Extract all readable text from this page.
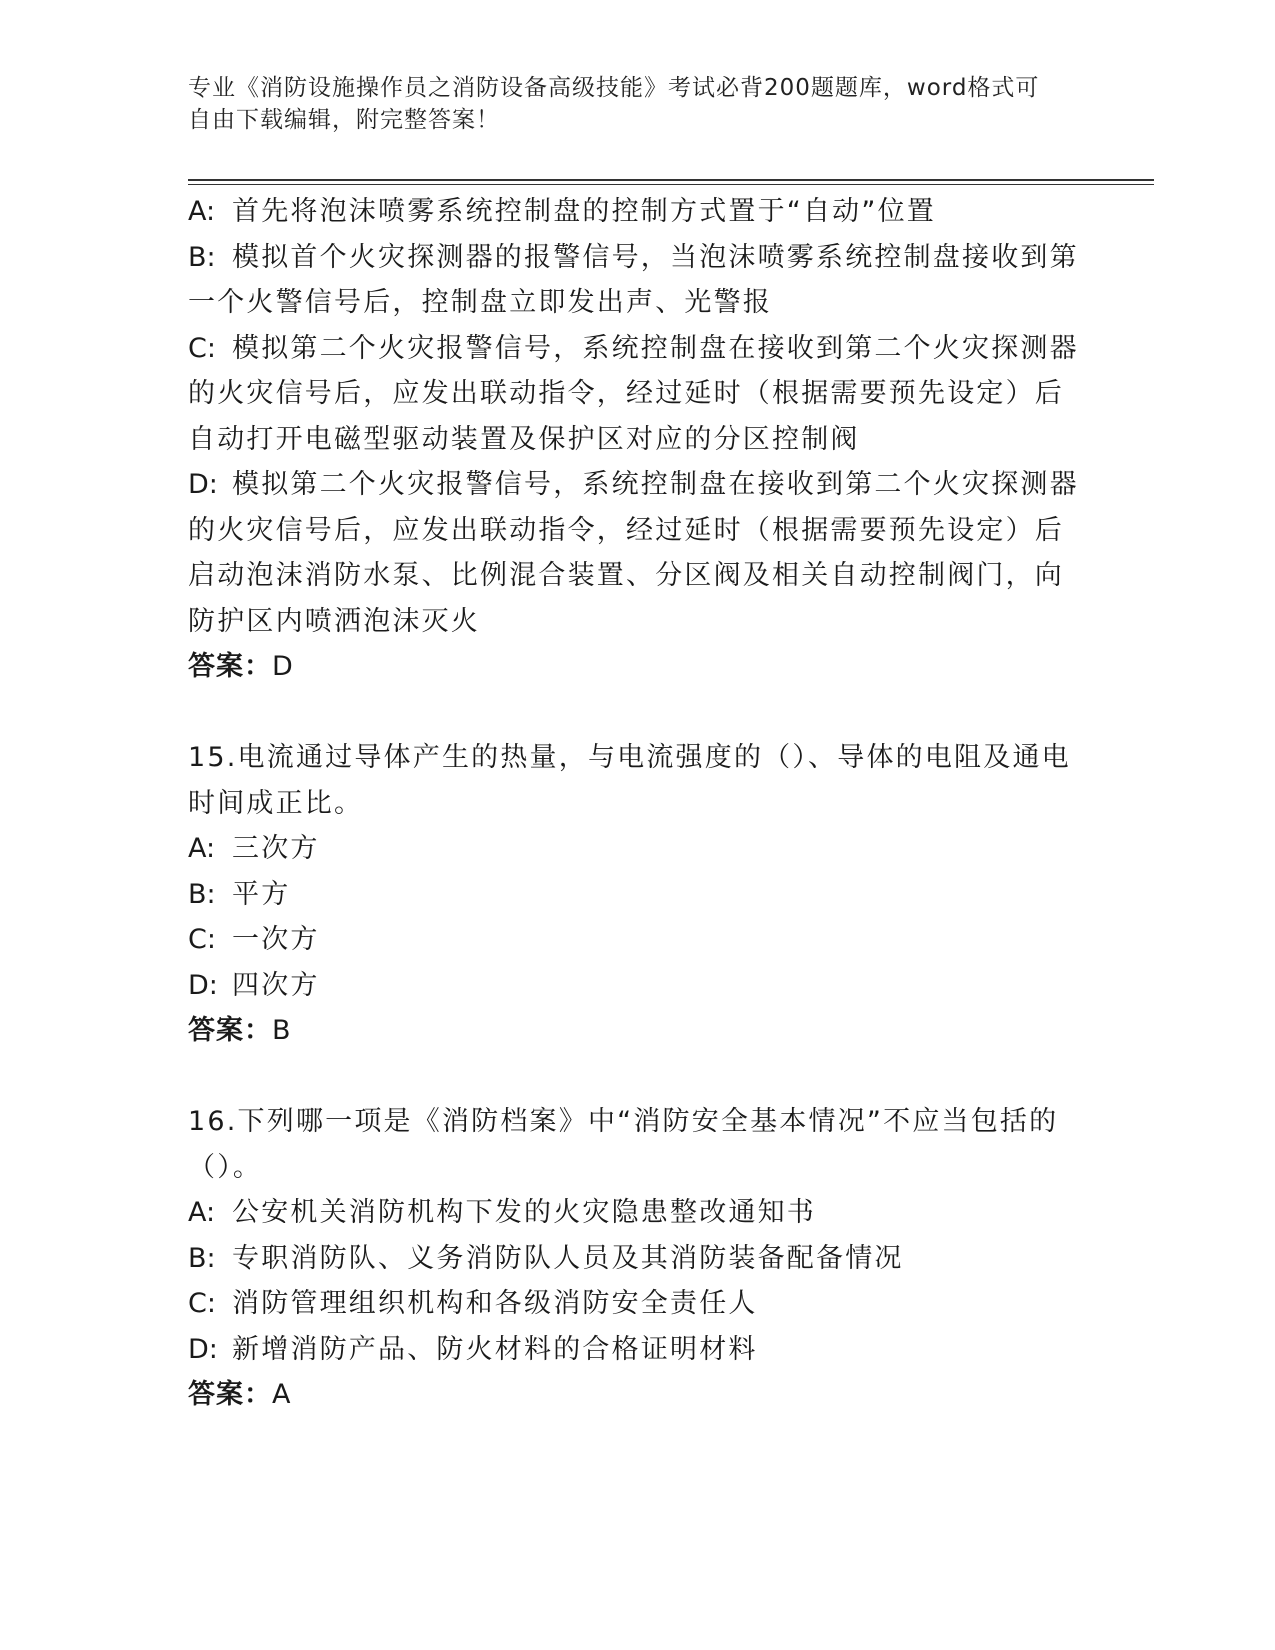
专业《消防设施操作员之消防设备高级技能》考试必背200题题库，word格式可
自由下载编辑，附完整答案！

A: 首先将泡沫喷雾系统控制盘的控制方式置于“自动”位置

B: 模拟首个火灾探测器的报警信号，当泡沫喷雾系统控制盘接收到第

一个火警信号后，控制盘立即发出声、光警报

C: 模拟第二个火灾报警信号，系统控制盘在接收到第二个火灾探测器

的火灾信号后，应发出联动指令，经过延时（根据需要预先设定）后

自动打开电磁型驱动装置及保护区对应的分区控制阀

D: 模拟第二个火灾报警信号，系统控制盘在接收到第二个火灾探测器

的火灾信号后，应发出联动指令，经过延时（根据需要预先设定）后

启动泡沫消防水泵、比例混合装置、分区阀及相关自动控制阀门，向

防护区内喷洒泡沫灭火

答案：D

15.电流通过导体产生的热量，与电流强度的（）、导体的电阻及通电

时间成正比。

A: 三次方

B: 平方

C: 一次方

D: 四次方

答案：B

16.下列哪一项是《消防档案》中“消防安全基本情况”不应当包括的

（）。

A: 公安机关消防机构下发的火灾隐患整改通知书

B: 专职消防队、义务消防队人员及其消防装备配备情况

C: 消防管理组织机构和各级消防安全责任人

D: 新增消防产品、防火材料的合格证明材料

答案：A
